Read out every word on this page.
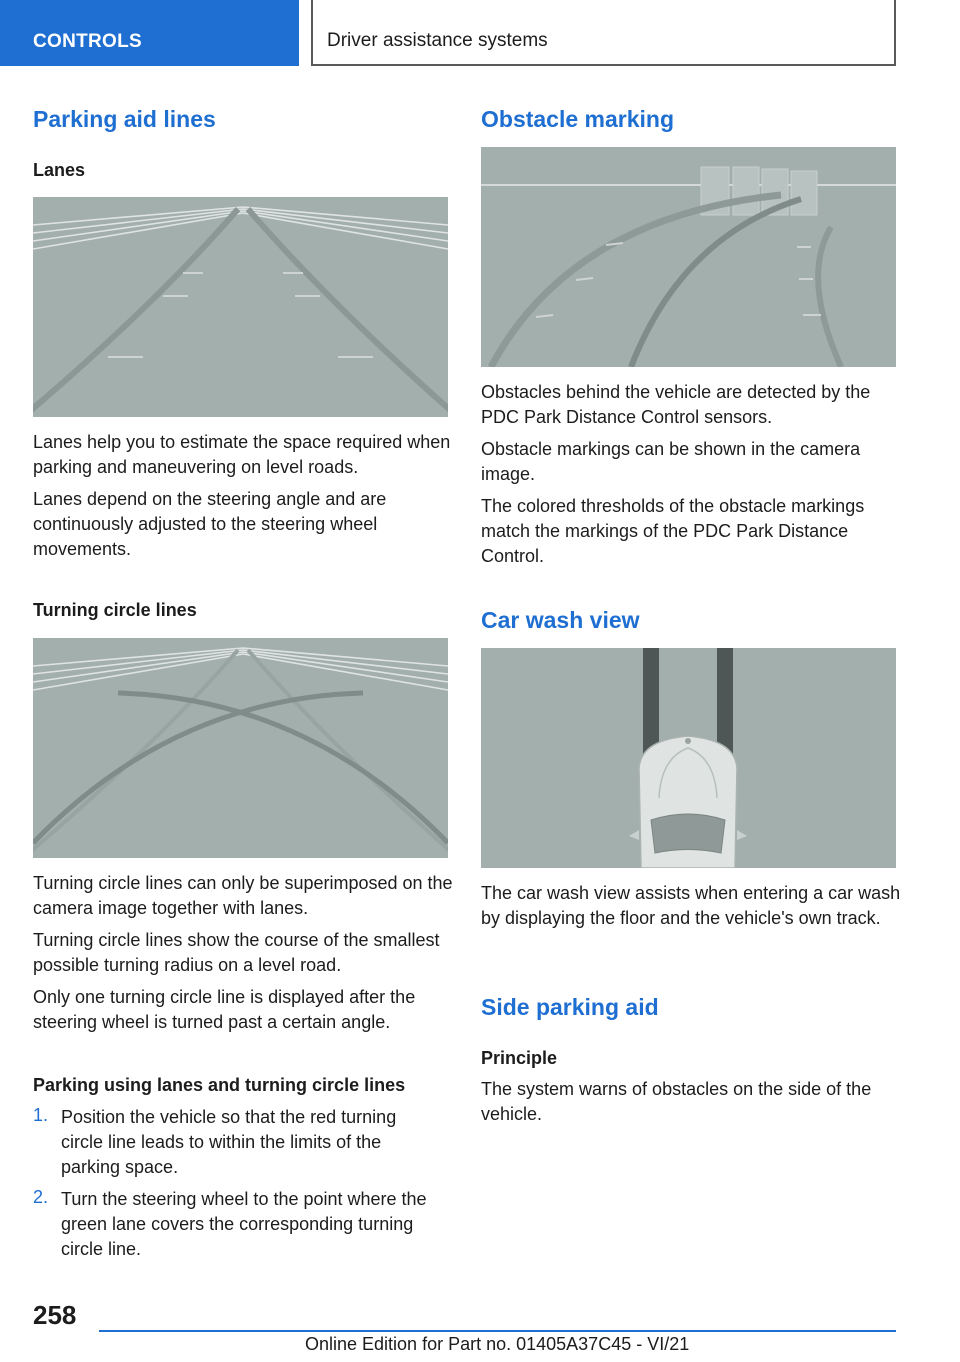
CONTROLS	Driver assistance systems
Parking aid lines
Lanes

Lanes help you to estimate the space required when parking and maneuvering on level roads.

Lanes depend on the steering angle and are continuously adjusted to the steering wheel movements.

Turning circle lines

Turning circle lines can only be superimposed on the camera image together with lanes.

Turning circle lines show the course of the smallest possible turning radius on a level road.

Only one turning circle line is displayed after the steering wheel is turned past a certain angle.

Parking using lanes and turning circle lines
1. Position the vehicle so that the red turning circle line leads to within the limits of the parking space.

2. Turn the steering wheel to the point where the green lane covers the corresponding turning circle line.

Obstacle marking

Obstacles behind the vehicle are detected by the PDC Park Distance Control sensors.

Obstacle markings can be shown in the camera image.

The colored thresholds of the obstacle markings match the markings of the PDC Park Distance Control.

Car wash view

The car wash view assists when entering a car wash by displaying the floor and the vehicle's own track.

Side parking aid
Principle

The system warns of obstacles on the side of the vehicle.

258
Online Edition for Part no. 01405A37C45 - VI/21
